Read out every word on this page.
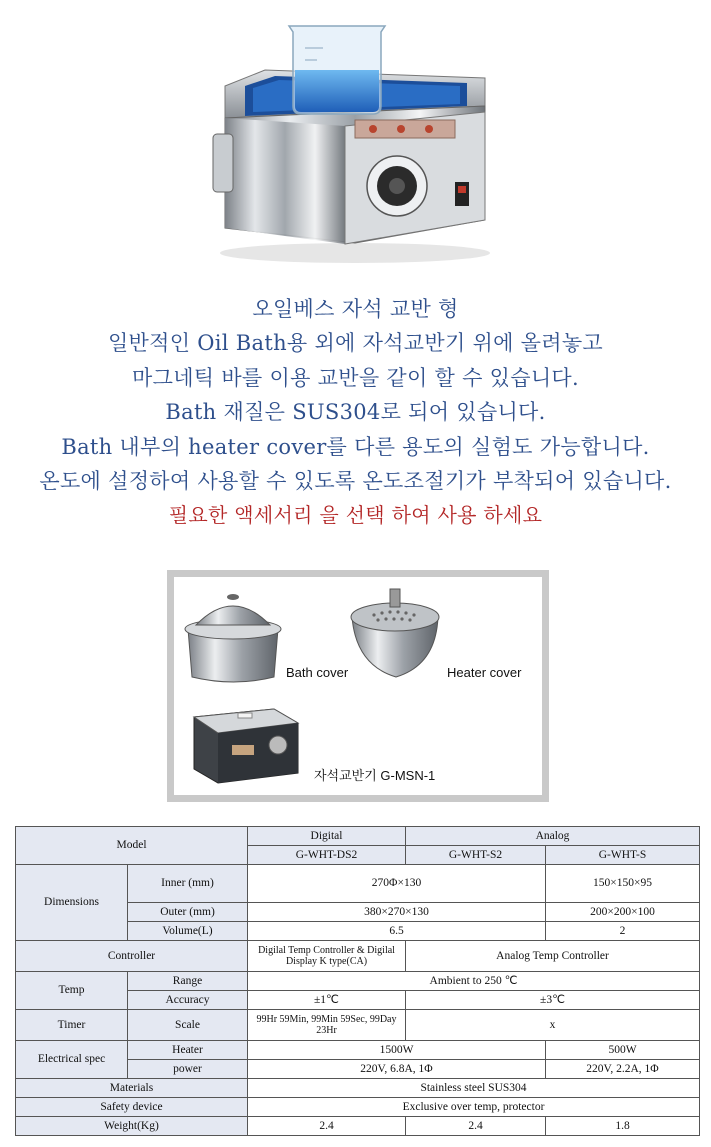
오일베스 자석 교반 형
일반적인 Oil Bath용 외에 자석교반기 위에 올려놓고
마그네틱 바를 이용 교반을 같이 할 수 있습니다.
Bath 재질은 SUS304로 되어 있습니다.
Bath 내부의 heater cover를 다른 용도의 실험도 가능합니다.
온도에 설정하여 사용할 수 있도록 온도조절기가 부착되어 있습니다.
필요한 액세서리 을 선택 하여 사용 하세요
Bath cover	Heater cover
자석교반기 G-MSN-1
Model		Digital	Analog	
		G-WHT-DS2	G-WHT-S2	G-WHT-S
Dimensions	Inner (mm)	270Φ×130		150×150×95
	Outer (mm)	380×270×130		200×200×100
	Volume(L)	6.5		2
Controller		Digilal Temp Controller & Digilal Display K type(CA)	Analog Temp Controller	
Temp	Range	Ambient to 250 ℃		
	Accuracy	±1℃	±3℃	
Timer	Scale	99Hr 59Min, 99Min 59Sec, 99Day 23Hr	x	
Electrical spec	Heater	1500W		500W
	power	220V, 6.8A, 1Φ		220V, 2.2A, 1Φ
Materials		Stainless steel SUS304		
Safety device		Exclusive over temp, protector		
Weight(Kg)		2.4	2.4	1.8
